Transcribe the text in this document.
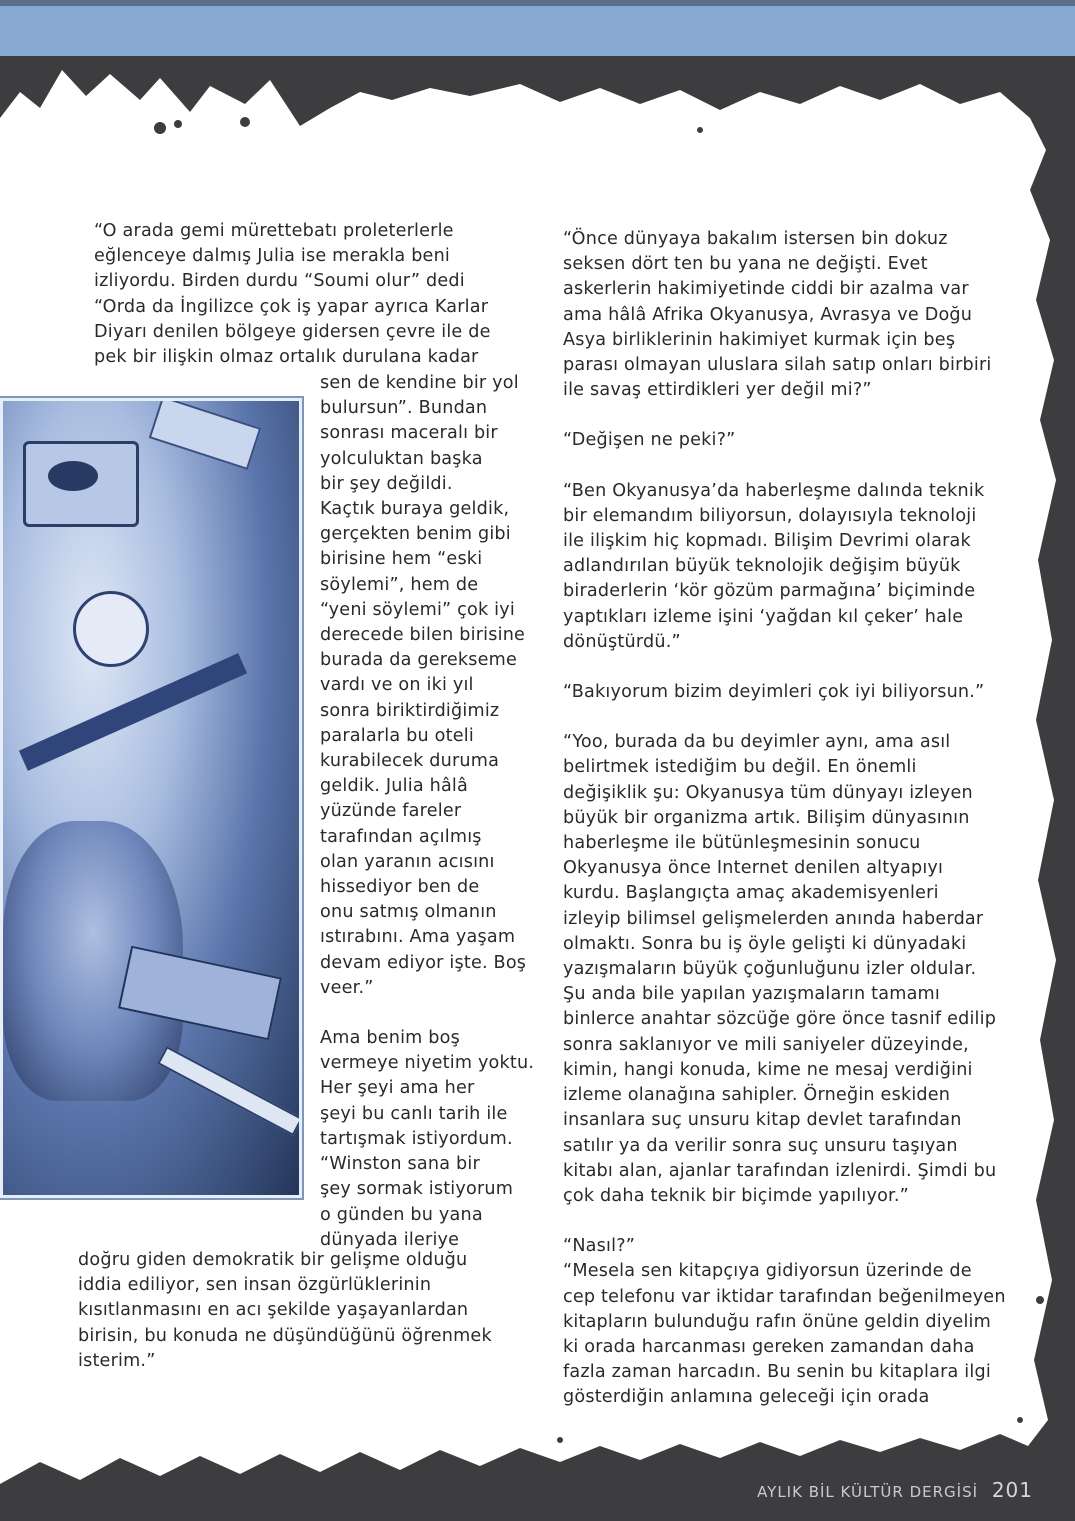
“O arada gemi mürettebatı proleterlerle

eğlenceye dalmış Julia ise merakla beni

izliyordu. Birden durdu “Soumi olur” dedi

“Orda da İngilizce çok iş yapar ayrıca Karlar

Diyarı denilen bölgeye gidersen çevre ile de

pek bir ilişkin olmaz ortalık durulana kadar

sen de kendine bir yol

bulursun”. Bundan

sonrası maceralı bir

yolculuktan başka

bir şey değildi.

Kaçtık buraya geldik,

gerçekten benim gibi

birisine hem “eski

söylemi”, hem de

“yeni söylemi” çok iyi

derecede bilen birisine

burada da gerekseme

vardı ve on iki yıl

sonra biriktirdiğimiz

paralarla bu oteli

kurabilecek duruma

geldik. Julia hâlâ

yüzünde fareler

tarafından açılmış

olan yaranın acısını

hissediyor ben de

onu satmış olmanın

ıstırabını. Ama yaşam

devam ediyor işte. Boş

veer.”

Ama benim boş

vermeye niyetim yoktu.

Her şeyi ama her

şeyi bu canlı tarih ile

tartışmak istiyordum.

“Winston sana bir

şey sormak istiyorum

o günden bu yana

dünyada ileriye

doğru giden demokratik bir gelişme olduğu

iddia ediliyor, sen insan özgürlüklerinin

kısıtlanmasını en acı şekilde yaşayanlardan

birisin, bu konuda ne düşündüğünü öğrenmek

isterim.”

“Önce dünyaya bakalım istersen bin dokuz

seksen dört ten bu yana ne değişti. Evet

askerlerin hakimiyetinde ciddi bir azalma var

ama hâlâ Afrika Okyanusya, Avrasya ve Doğu

Asya birliklerinin hakimiyet kurmak için beş

parası olmayan uluslara silah satıp onları birbiri

ile savaş ettirdikleri yer değil mi?”

“Değişen ne peki?”

“Ben Okyanusya’da haberleşme dalında teknik

bir elemandım biliyorsun, dolayısıyla teknoloji

ile ilişkim hiç kopmadı. Bilişim Devrimi olarak

adlandırılan büyük teknolojik değişim büyük

biraderlerin ‘kör gözüm parmağına’ biçiminde

yaptıkları izleme işini ‘yağdan kıl çeker’ hale

dönüştürdü.”

“Bakıyorum bizim deyimleri çok iyi biliyorsun.”

“Yoo, burada da bu deyimler aynı, ama asıl

belirtmek istediğim bu değil. En önemli

değişiklik şu: Okyanusya tüm dünyayı izleyen

büyük bir organizma artık. Bilişim dünyasının

haberleşme ile bütünleşmesinin sonucu

Okyanusya önce Internet denilen altyapıyı

kurdu. Başlangıçta amaç akademisyenleri

izleyip bilimsel gelişmelerden anında haberdar

olmaktı. Sonra bu iş öyle gelişti ki dünyadaki

yazışmaların büyük çoğunluğunu izler oldular.

Şu anda bile yapılan yazışmaların tamamı

binlerce anahtar sözcüğe göre önce tasnif edilip

sonra saklanıyor ve mili saniyeler düzeyinde,

kimin, hangi konuda, kime ne mesaj verdiğini

izleme olanağına sahipler. Örneğin eskiden

insanlara suç unsuru kitap devlet tarafından

satılır ya da verilir sonra suç unsuru taşıyan

kitabı alan, ajanlar tarafından izlenirdi. Şimdi bu

çok daha teknik bir biçimde yapılıyor.”

“Nasıl?”

“Mesela sen kitapçıya gidiyorsun üzerinde de

cep telefonu var iktidar tarafından beğenilmeyen

kitapların bulunduğu rafın önüne geldin diyelim

ki orada harcanması gereken zamandan daha

fazla zaman harcadın. Bu senin bu kitaplara ilgi

gösterdiğin anlamına geleceği için orada

AYLIK BİL KÜLTÜR DERGİSİ 201
